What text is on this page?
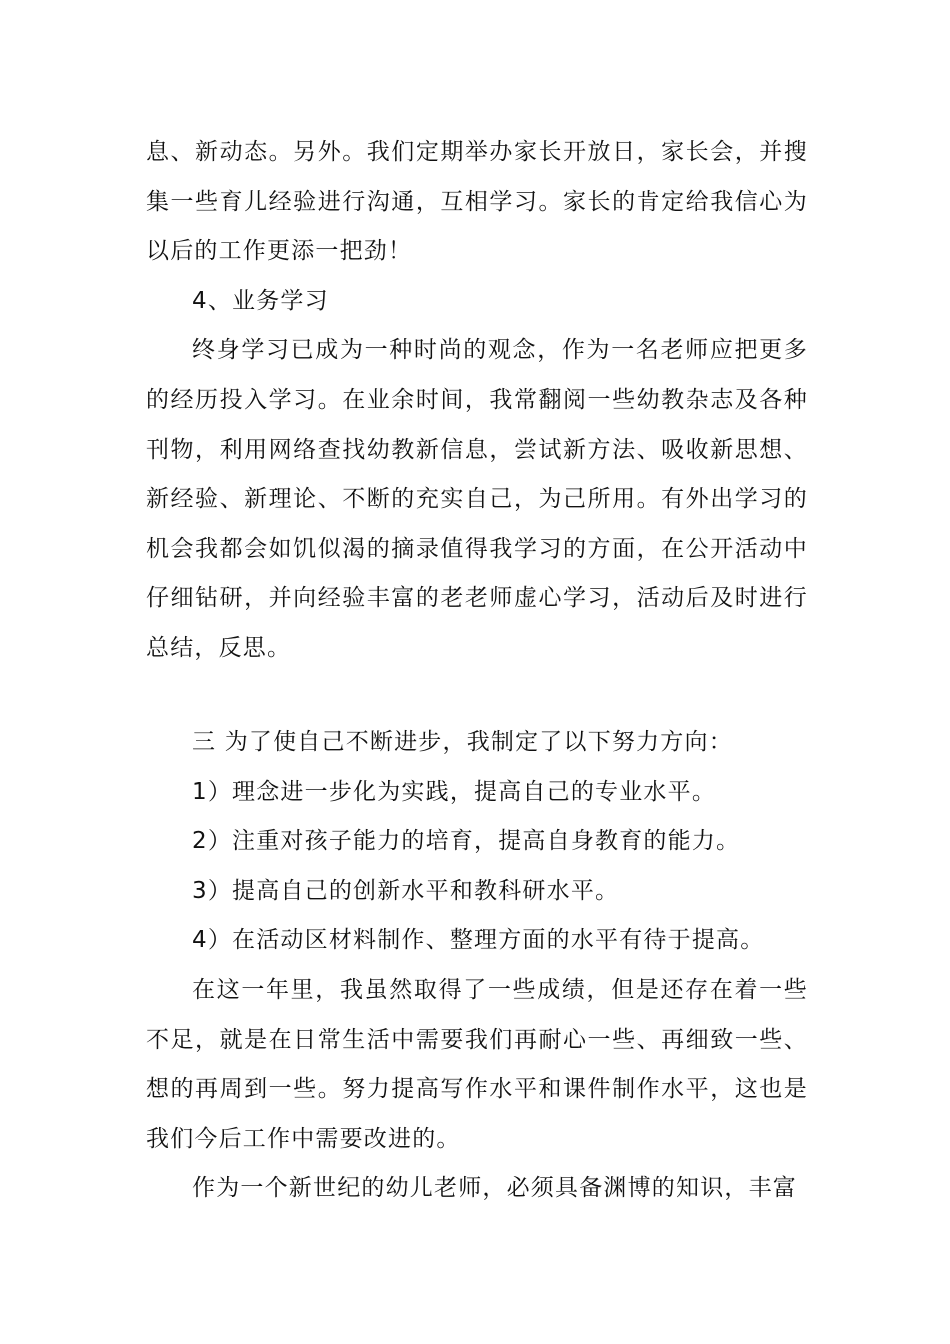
息、新动态。另外。我们定期举办家长开放日，家长会，并搜集一些育儿经验进行沟通，互相学习。家长的肯定给我信心为以后的工作更添一把劲！

4、业务学习

终身学习已成为一种时尚的观念，作为一名老师应把更多的经历投入学习。在业余时间，我常翻阅一些幼教杂志及各种刊物，利用网络查找幼教新信息，尝试新方法、吸收新思想、新经验、新理论、不断的充实自己，为己所用。有外出学习的机会我都会如饥似渴的摘录值得我学习的方面，在公开活动中仔细钻研，并向经验丰富的老老师虚心学习，活动后及时进行总结，反思。

三 为了使自己不断进步，我制定了以下努力方向：

1）理念进一步化为实践，提高自己的专业水平。

2）注重对孩子能力的培育，提高自身教育的能力。

3）提高自己的创新水平和教科研水平。

4）在活动区材料制作、整理方面的水平有待于提高。

在这一年里，我虽然取得了一些成绩，但是还存在着一些不足，就是在日常生活中需要我们再耐心一些、再细致一些、想的再周到一些。努力提高写作水平和课件制作水平，这也是我们今后工作中需要改进的。

作为一个新世纪的幼儿老师，必须具备渊博的知识，丰富
